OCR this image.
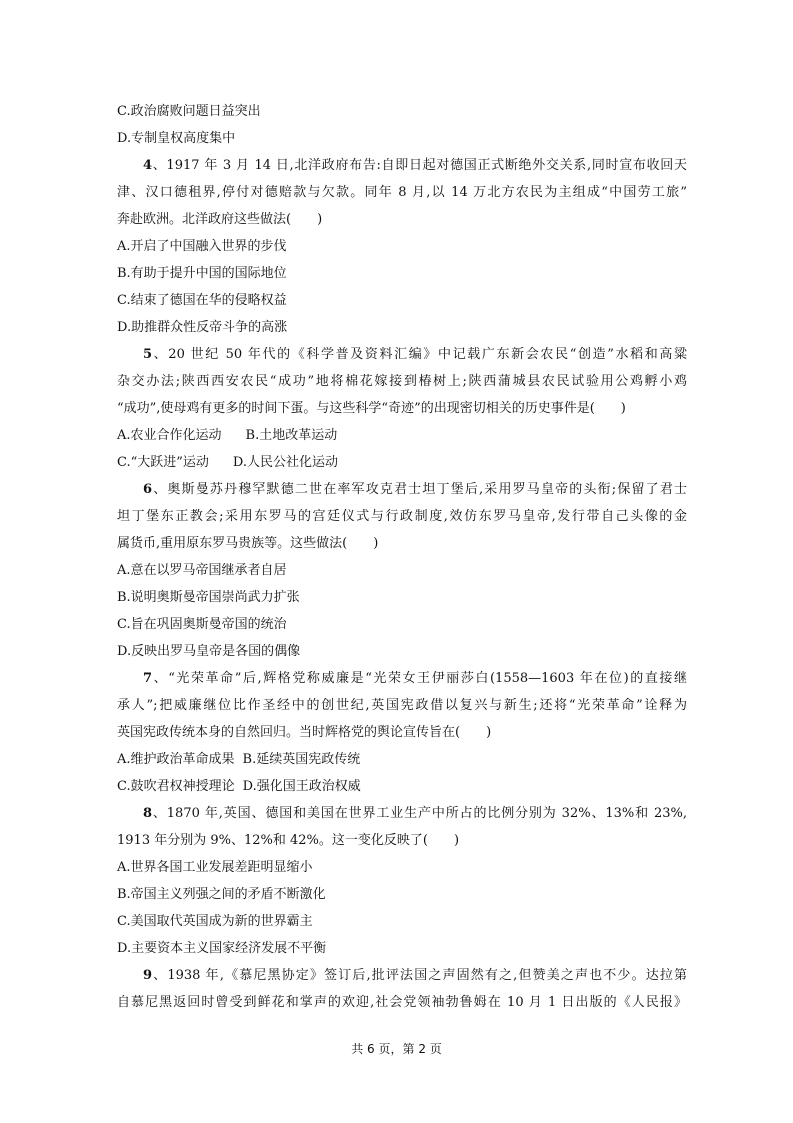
C.政治腐败问题日益突出
D.专制皇权高度集中
4、1917 年 3 月 14 日,北洋政府布告:自即日起对德国正式断绝外交关系,同时宣布收回天
津、汉口德租界,停付对德赔款与欠款。同年 8 月,以 14 万北方农民为主组成“中国劳工旅”
奔赴欧洲。北洋政府这些做法(　　)
A.开启了中国融入世界的步伐
B.有助于提升中国的国际地位
C.结束了德国在华的侵略权益
D.助推群众性反帝斗争的高涨
5、20 世纪 50 年代的《科学普及资料汇编》中记载广东新会农民“创造”水稻和高粱
杂交办法;陕西西安农民“成功”地将棉花嫁接到椿树上;陕西蒲城县农民试验用公鸡孵小鸡
“成功”,使母鸡有更多的时间下蛋。与这些科学“奇迹”的出现密切相关的历史事件是(　　)
A.农业合作化运动 B.土地改革运动
C.“大跃进”运动 D.人民公社化运动
6、奥斯曼苏丹穆罕默德二世在率军攻克君士坦丁堡后,采用罗马皇帝的头衔;保留了君士
坦丁堡东正教会;采用东罗马的宫廷仪式与行政制度,效仿东罗马皇帝,发行带自己头像的金
属货币,重用原东罗马贵族等。这些做法(　　)
A.意在以罗马帝国继承者自居
B.说明奥斯曼帝国崇尚武力扩张
C.旨在巩固奥斯曼帝国的统治
D.反映出罗马皇帝是各国的偶像
7、“光荣革命”后,辉格党称威廉是“光荣女王伊丽莎白(1558—1603 年在位)的直接继
承人”;把威廉继位比作圣经中的创世纪,英国宪政借以复兴与新生;还将“光荣革命”诠释为
英国宪政传统本身的自然回归。当时辉格党的舆论宣传旨在(　　)
A.维护政治革命成果 B.延续英国宪政传统
C.鼓吹君权神授理论 D.强化国王政治权威
8、1870 年,英国、德国和美国在世界工业生产中所占的比例分别为 32%、13%和 23%,
1913 年分别为 9%、12%和 42%。这一变化反映了(　　)
A.世界各国工业发展差距明显缩小
B.帝国主义列强之间的矛盾不断激化
C.美国取代英国成为新的世界霸主
D.主要资本主义国家经济发展不平衡
9、1938 年,《慕尼黑协定》签订后,批评法国之声固然有之,但赞美之声也不少。达拉第
自慕尼黑返回时曾受到鲜花和掌声的欢迎,社会党领袖勃鲁姆在 10 月 1 日出版的《人民报》
共 6 页，第 2 页
